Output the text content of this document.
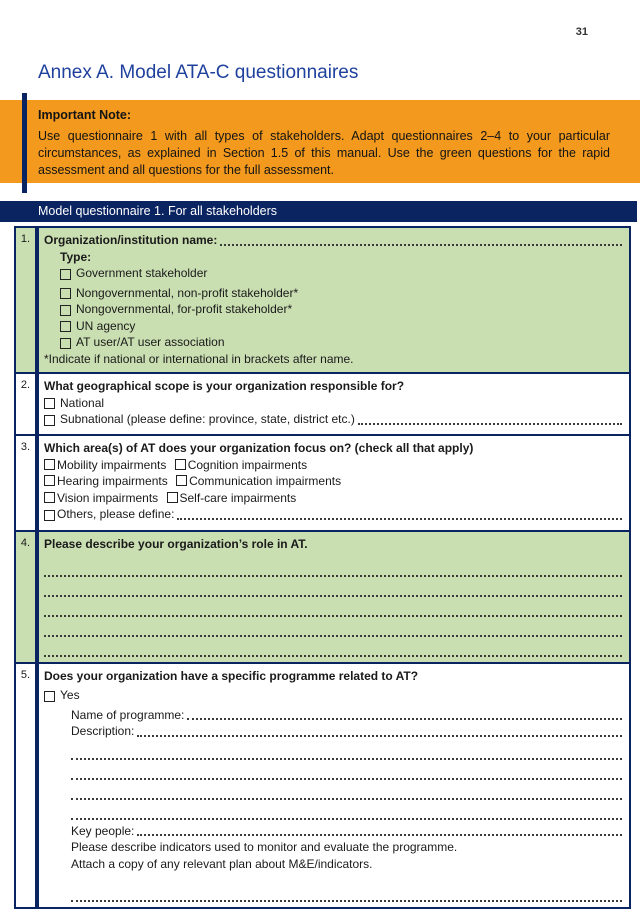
31
Annex A. Model ATA-C questionnaires
Important Note:
Use questionnaire 1 with all types of stakeholders. Adapt questionnaires 2–4 to your particular circumstances, as explained in Section 1.5 of this manual. Use the green questions for the rapid assessment and all questions for the full assessment.
Model questionnaire 1. For all stakeholders
1.	Organization/institution name:
Type:
Government stakeholder
Nongovernmental, non-profit stakeholder*
Nongovernmental, for-profit stakeholder*
UN agency
AT user/AT user association
*Indicate if national or international in brackets after name.
2.	What geographical scope is your organization responsible for?
National
Subnational (please define: province, state, district etc.)
3.	Which area(s) of AT does your organization focus on? (check all that apply)
Mobility impairments Cognition impairments
Hearing impairments Communication impairments
Vision impairments Self-care impairments
Others, please define:
4.	Please describe your organization’s role in AT.
5.	Does your organization have a specific programme related to AT?
Yes
Name of programme:
Description:
Key people:
Please describe indicators used to monitor and evaluate the programme.
Attach a copy of any relevant plan about M&E/indicators.
